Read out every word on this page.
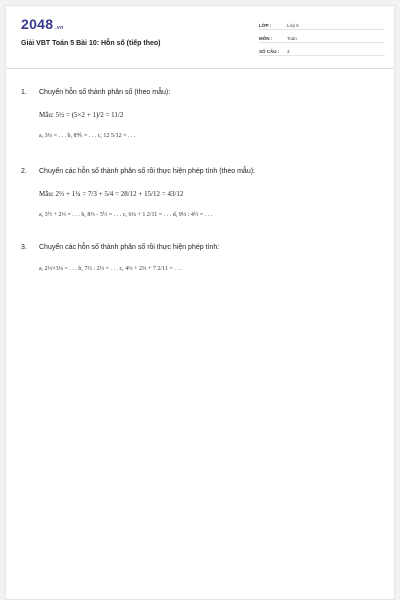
2048 .vn
Giải VBT Toán 5 Bài 10: Hỗn số (tiếp theo)
LỚP :	Lớp 5
MÔN :	Toán
SỐ CÂU :	3
1. Chuyển hỗn số thành phân số (theo mẫu):
Mẫu: 5½ = (5×2 + 1)/2 = 11/2
a, 3⅓ = . . . b, 8⅘ = . . . c, 12 5/12 = . . .
2. Chuyển các hỗn số thành phân số rồi thực hiện phép tính (theo mẫu):
Mẫu: 2⅓ + 1¼ = 7/3 + 5/4 = 28/12 + 15/12 = 43/12
a, 3½ + 2⅓ = . . . b, 8⅓ - 5½ = . . . c, 6¼ + 1 2/11 = . . . d, 9⅓ : 4½ = . . .
3. Chuyển các hỗn số thành phân số rồi thực hiện phép tính:
a, 2⅓×3¼ = . . . b, 7⅔ : 2⅓ = . . . c, 4⅓ + 2⅔ + 7 2/11 = . . .
